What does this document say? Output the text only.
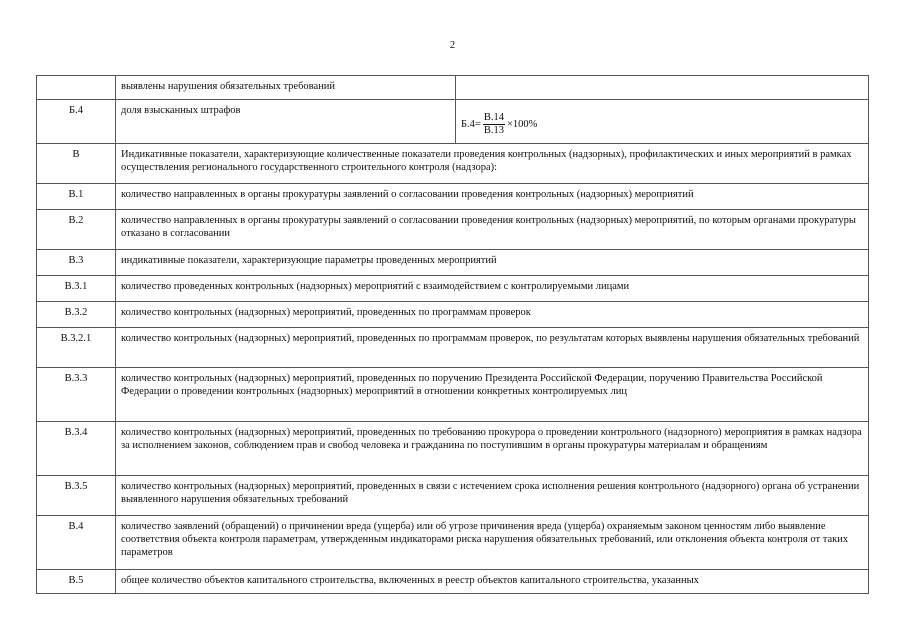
2
	выявлены нарушения обязательных требований	
Б.4	доля взысканных штрафов	$Б.4= \frac{В.14}{В.13} \times 100\%$

В	Индикативные показатели, характеризующие количественные показатели проведения контрольных (надзорных), профилактических и иных мероприятий в рамках осуществления регионального государственного строительного контроля (надзора):	
В.1	количество направленных в органы прокуратуры заявлений о согласовании проведения контрольных (надзорных) мероприятий	
В.2	количество направленных в органы прокуратуры заявлений о согласовании проведения контрольных (надзорных) мероприятий, по которым органами прокуратуры отказано в согласовании	
В.3	индикативные показатели, характеризующие параметры проведенных мероприятий	
В.3.1	количество проведенных контрольных (надзорных) мероприятий с взаимодействием с контролируемыми лицами	
В.3.2	количество контрольных (надзорных) мероприятий, проведенных по программам проверок	
В.3.2.1	количество контрольных (надзорных) мероприятий, проведенных по программам проверок, по результатам которых выявлены нарушения обязательных требований	
В.3.3	количество контрольных (надзорных) мероприятий, проведенных по поручению Президента Российской Федерации, поручению Правительства Российской Федерации о проведении контрольных (надзорных) мероприятий в отношении конкретных контролируемых лиц	
В.3.4	количество контрольных (надзорных) мероприятий, проведенных по требованию прокурора о проведении контрольного (надзорного) мероприятия в рамках надзора за исполнением законов, соблюдением прав и свобод человека и гражданина по поступившим в органы прокуратуры материалам и обращениям	
В.3.5	количество контрольных (надзорных) мероприятий, проведенных в связи с истечением срока исполнения решения контрольного (надзорного) органа об устранении выявленного нарушения обязательных требований	
В.4	количество заявлений (обращений) о причинении вреда (ущерба) или об угрозе причинения вреда (ущерба) охраняемым законом ценностям либо выявление соответствия объекта контроля параметрам, утвержденным индикаторами риска нарушения обязательных требований, или отклонения объекта контроля от таких параметров	
В.5	общее количество объектов капитального строительства, включенных в реестр объектов капитального строительства, указанных	
